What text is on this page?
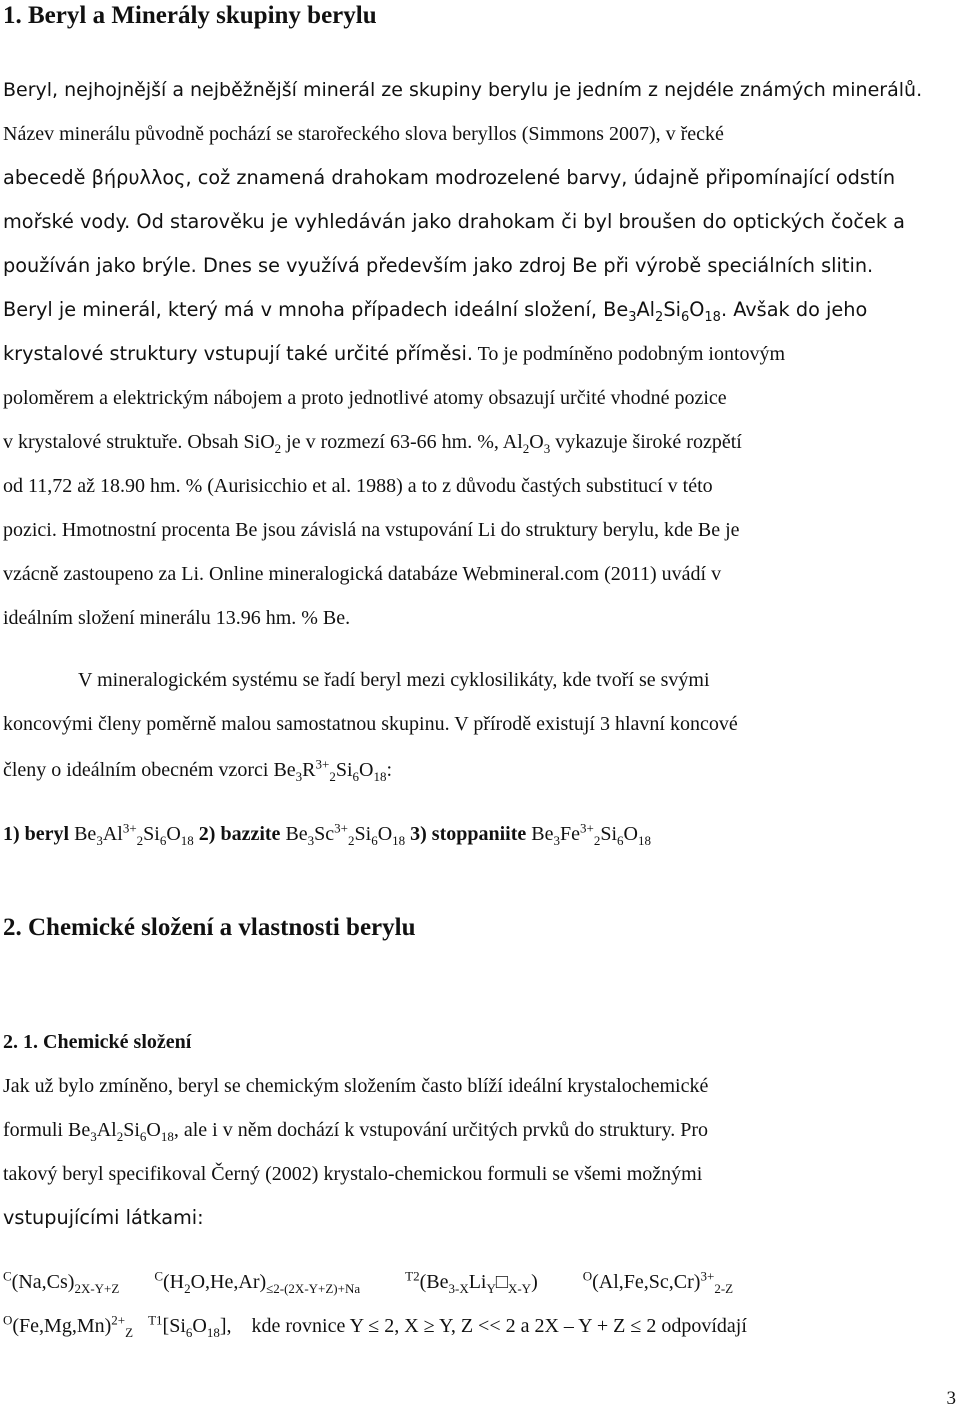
1. Beryl a Minerály skupiny berylu
Beryl, nejhojnější a nejběžnější minerál ze skupiny berylu je jedním z nejdéle známých minerálů.
Název minerálu původně pochází se starořeckého slova beryllos (Simmons 2007), v řecké
abecedě βήρυλλος, což znamená drahokam modrozelené barvy, údajně připomínající odstín
mořské vody. Od starověku je vyhledáván jako drahokam či byl broušen do optických čoček a
používán jako brýle. Dnes se využívá především jako zdroj Be při výrobě speciálních slitin.
Beryl je minerál, který má v mnoha případech ideální složení, $Be_3Al_2Si_6O_{18}$. Avšak do jeho
krystalové struktury vstupují také určité příměsi. To je podmíněno podobným iontovým
poloměrem a elektrickým nábojem a proto jednotlivé atomy obsazují určité vhodné pozice
v krystalové struktuře. Obsah SiO$_2$ je v rozmezí 63-66 hm. %, $Al_2O_3$ vykazuje široké rozpětí
od 11,72 až 18.90 hm. % (Aurisicchio et al. 1988) a to z důvodu častých substitucí v této
pozici. Hmotnostní procenta Be jsou závislá na vstupování Li do struktury berylu, kde Be je
vzácně zastoupeno za Li. Online mineralogická databáze Webmineral.com (2011) uvádí v
ideálním složení minerálu 13.96 hm. % Be.
V mineralogickém systému se řadí beryl mezi cyklosilikáty, kde tvoří se svými
koncovými členy poměrně malou samostatnou skupinu. V přírodě existují 3 hlavní koncové
členy o ideálním obecném vzorci $Be_3R^{3+}_2Si_6O_{18}$:
1) beryl $Be_3Al^{3+}_2Si_6O_{18}$ 2) bazzite $Be_3Sc^{3+}_2Si_6O_{18}$ 3) stoppaniite $Be_3Fe^{3+}_2Si_6O_{18}$
2. Chemické složení a vlastnosti berylu
2. 1. Chemické složení
Jak už bylo zmíněno, beryl se chemickým složením často blíží ideální krystalochemické
formuli $Be_3Al_2Si_6O_{18}$, ale i v něm dochází k vstupování určitých prvků do struktury. Pro
takový beryl specifikoval Černý (2002) krystalo-chemickou formuli se všemi možnými
vstupujícími látkami:
$^C(Na,Cs)_{2X-Y+Z}$       $^C(H_2O,He,Ar)_{\le 2-(2X-Y+Z)+Na}$         $^{T2}(Be_{3-X}Li_Y□_{X-Y})$         $^O(Al,Fe,Sc,Cr)^{3+}_{2-Z}$
$^O(Fe,Mg,Mn)^{2+}_Z$   $^{T1}[Si_6O_{18}]$,    kde rovnice Y ≤ 2, X ≥ Y, Z << 2 a 2X – Y + Z ≤ 2 odpovídají
3
